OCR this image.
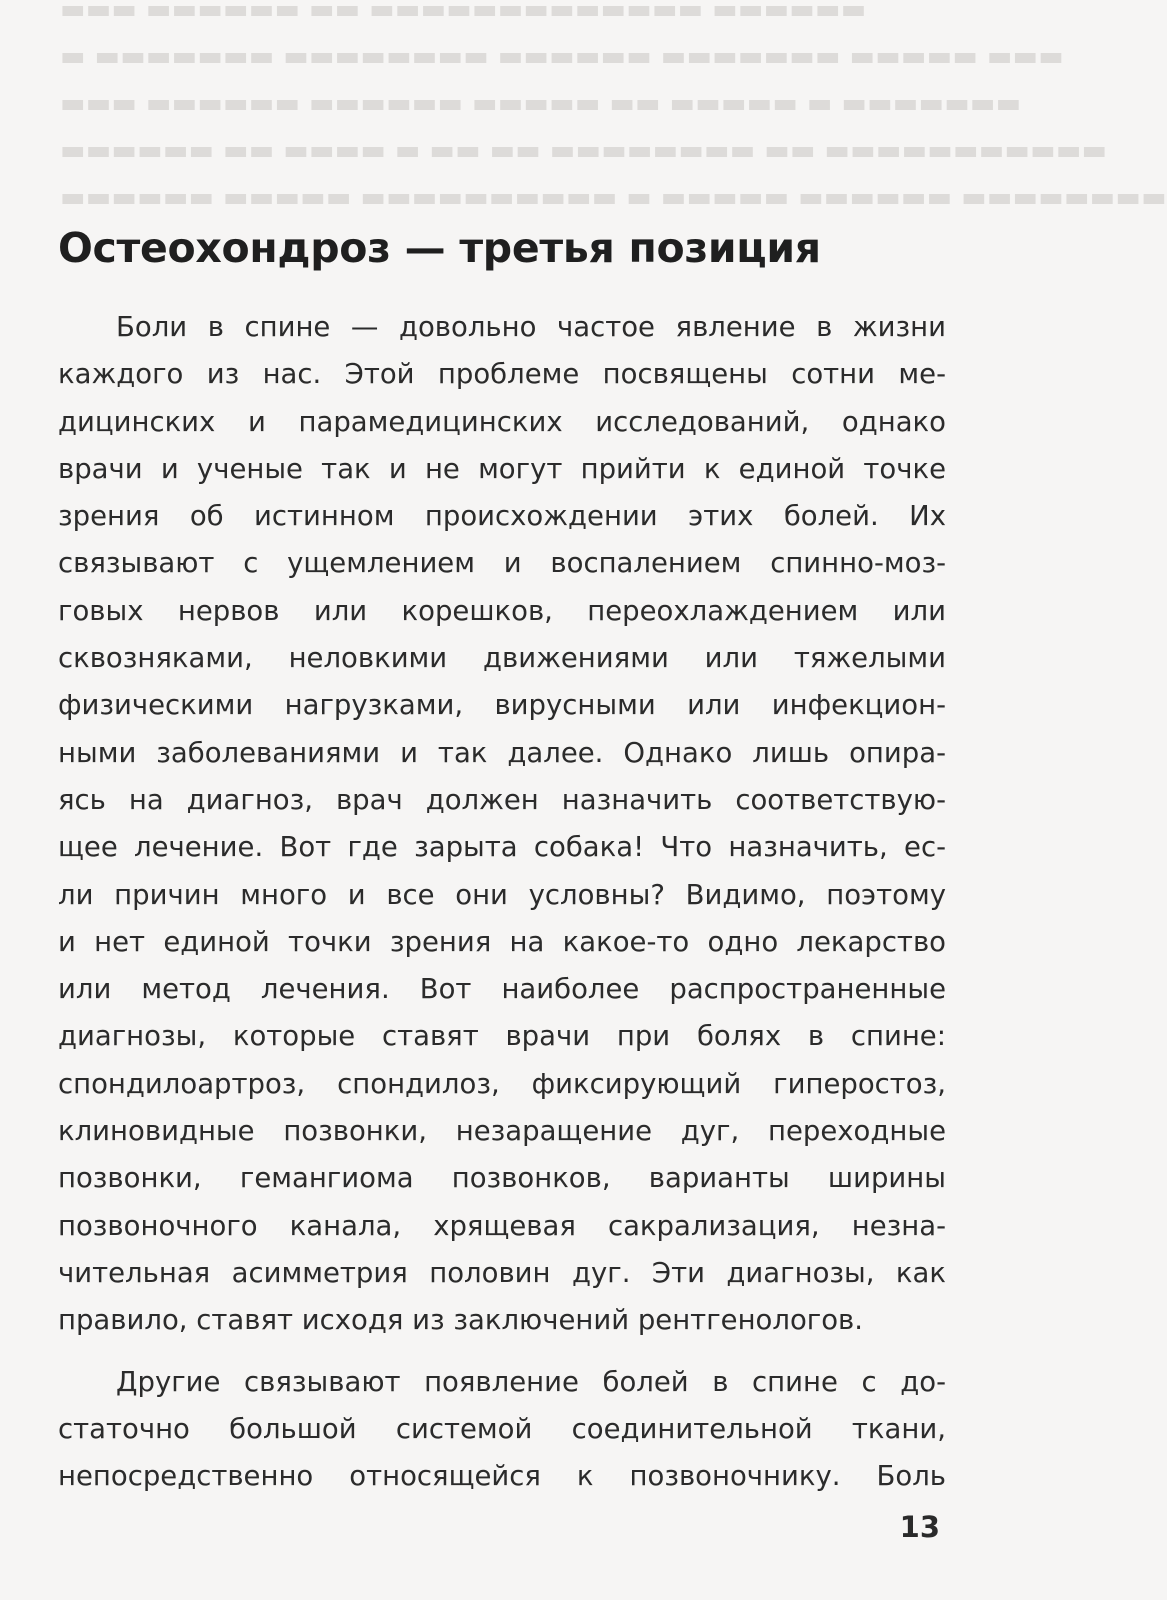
▬▬▬ ▬▬▬▬▬▬ ▬▬ ▬▬▬▬▬▬▬▬▬▬▬▬▬ ▬▬▬▬▬▬
▬ ▬▬▬▬▬▬▬ ▬▬▬▬▬▬▬▬ ▬▬▬▬▬▬ ▬▬▬▬▬▬▬ ▬▬▬▬▬ ▬▬▬
▬▬▬ ▬▬▬▬▬▬ ▬▬▬▬▬▬ ▬▬▬▬▬ ▬▬ ▬▬▬▬▬ ▬ ▬▬▬▬▬▬▬
▬▬▬▬▬▬ ▬▬ ▬▬▬▬ ▬ ▬▬ ▬▬ ▬▬▬▬▬▬▬▬ ▬▬ ▬▬▬▬▬▬▬▬▬▬▬
▬▬▬▬▬▬ ▬▬▬▬▬ ▬▬▬▬▬▬▬▬▬▬ ▬ ▬▬▬▬▬ ▬▬▬▬▬▬ ▬▬▬▬▬▬▬▬
Остеохондроз — третья позиция

Боли в спине — довольно частое явление в жизни
каждого из нас. Этой проблеме посвящены сотни ме-
дицинских и парамедицинских исследований, однако
врачи и ученые так и не могут прийти к единой точке
зрения об истинном происхождении этих болей. Их
связывают с ущемлением и воспалением спинно-моз-
говых нервов или корешков, переохлаждением или
сквозняками, неловкими движениями или тяжелыми
физическими нагрузками, вирусными или инфекцион-
ными заболеваниями и так далее. Однако лишь опира-
ясь на диагноз, врач должен назначить соответствую-
щее лечение. Вот где зарыта собака! Что назначить, ес-
ли причин много и все они условны? Видимо, поэтому
и нет единой точки зрения на какое-то одно лекарство
или метод лечения. Вот наиболее распространенные
диагнозы, которые ставят врачи при болях в спине:
спондилоартроз, спондилоз, фиксирующий гиперостоз,
клиновидные позвонки, незаращение дуг, переходные
позвонки, гемангиома позвонков, варианты ширины
позвоночного канала, хрящевая сакрализация, незна-
чительная асимметрия половин дуг. Эти диагнозы, как
правило, ставят исходя из заключений рентгенологов.

Другие связывают появление болей в спине с до-
статочно большой системой соединительной ткани,
непосредственно относящейся к позвоночнику. Боль

13
